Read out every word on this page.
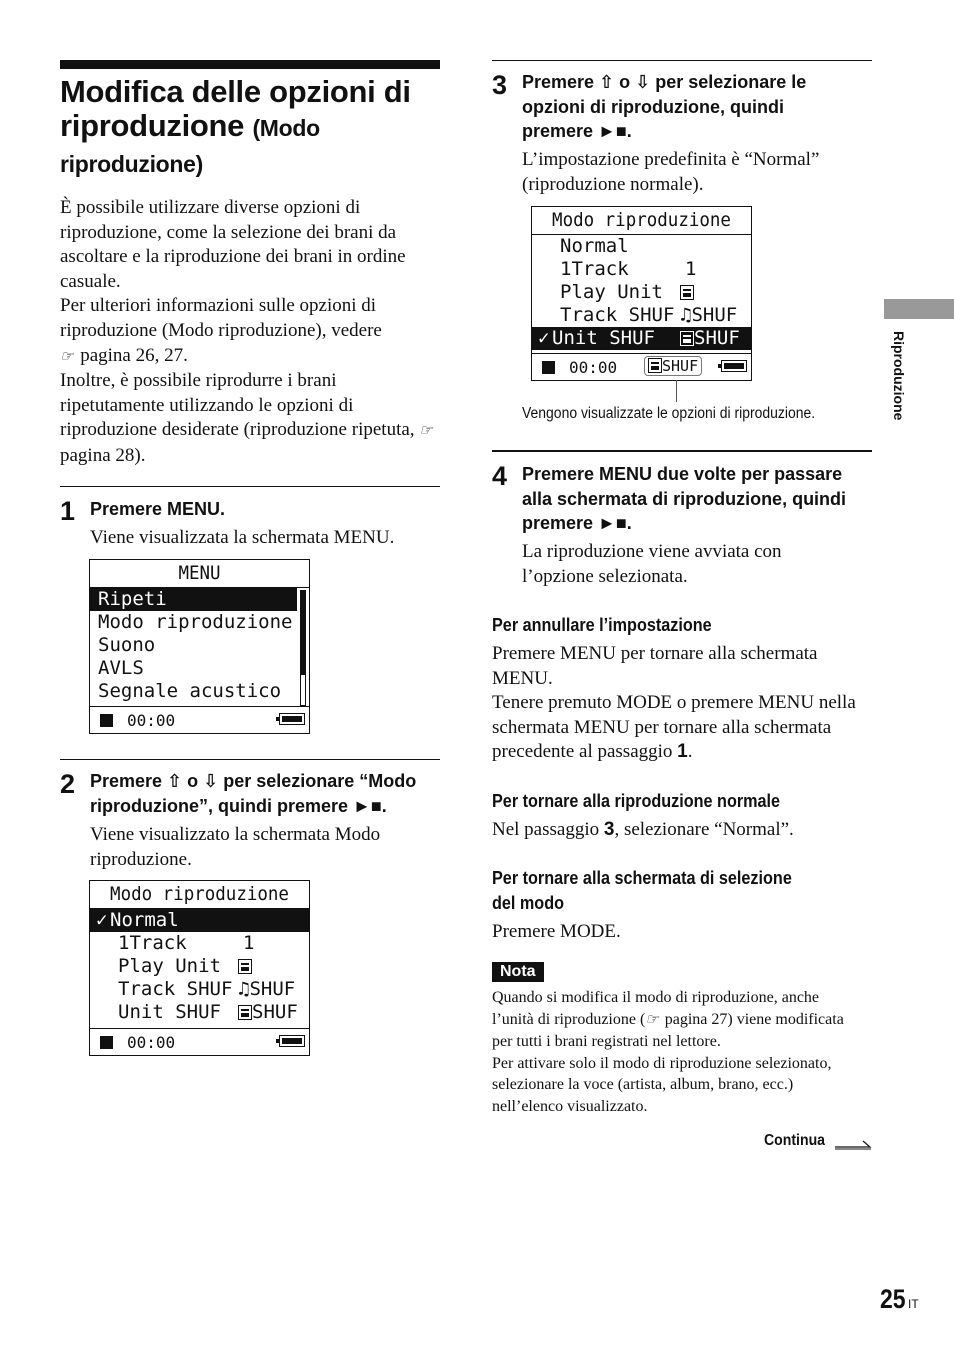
Modifica delle opzioni di riproduzione (Modo riproduzione)
È possibile utilizzare diverse opzioni di riproduzione, come la selezione dei brani da ascoltare e la riproduzione dei brani in ordine casuale.
Per ulteriori informazioni sulle opzioni di riproduzione (Modo riproduzione), vedere
☞ pagina 26, 27.
Inoltre, è possibile riprodurre i brani ripetutamente utilizzando le opzioni di riproduzione desiderate (riproduzione ripetuta, ☞ pagina 28).
1 Premere MENU.
Viene visualizzata la schermata MENU.
MENU
Ripeti
Modo riproduzione
Suono
AVLS
Segnale acustico
00:00
2 Premere ⇧ o ⇩ per selezionare “Modo riproduzione”, quindi premere ►■.
Viene visualizzato la schermata Modo riproduzione.
Modo riproduzione
✓ Normal
1Track	1
Play Unit
Track SHUF ♫SHUF
Unit SHUF	SHUF
00:00
3 Premere ⇧ o ⇩ per selezionare le opzioni di riproduzione, quindi premere ►■.
L’impostazione predefinita è “Normal” (riproduzione normale).
Modo riproduzione
Normal
1Track	1
Play Unit
Track SHUF ♫SHUF
✓ Unit SHUF	SHUF
00:00	SHUF
Vengono visualizzate le opzioni di riproduzione.
4 Premere MENU due volte per passare alla schermata di riproduzione, quindi premere ►■.
La riproduzione viene avviata con l’opzione selezionata.
Per annullare l’impostazione
Premere MENU per tornare alla schermata MENU.
Tenere premuto MODE o premere MENU nella schermata MENU per tornare alla schermata precedente al passaggio 1.
Per tornare alla riproduzione normale
Nel passaggio 3, selezionare “Normal”.
Per tornare alla schermata di selezione
del modo
Premere MODE.
Nota
Quando si modifica il modo di riproduzione, anche l’unità di riproduzione (☞ pagina 27) viene modificata per tutti i brani registrati nel lettore.
Per attivare solo il modo di riproduzione selezionato, selezionare la voce (artista, album, brano, ecc.) nell’elenco visualizzato.
Continua
Riproduzione
25 IT
